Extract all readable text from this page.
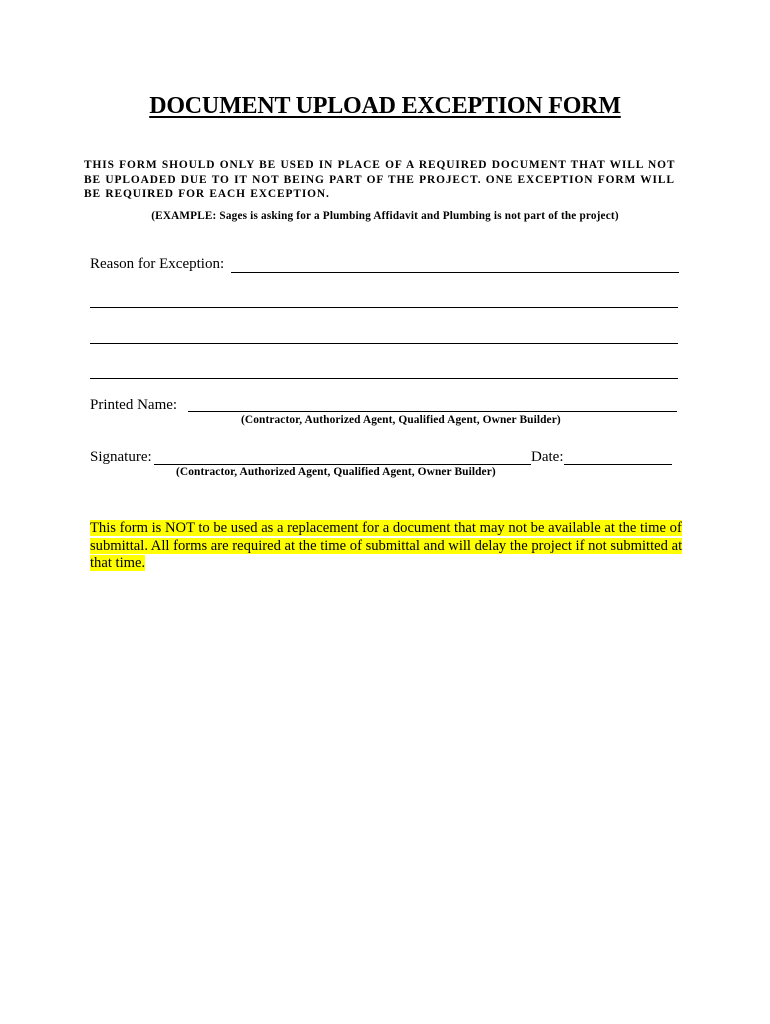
DOCUMENT UPLOAD EXCEPTION FORM
THIS FORM SHOULD ONLY BE USED IN PLACE OF A REQUIRED DOCUMENT THAT WILL NOT BE UPLOADED DUE TO IT NOT BEING PART OF THE PROJECT. ONE EXCEPTION FORM WILL BE REQUIRED FOR EACH EXCEPTION.
(EXAMPLE: Sages is asking for a Plumbing Affidavit and Plumbing is not part of the project)
Reason for Exception:
Printed Name:
(Contractor, Authorized Agent, Qualified Agent, Owner Builder)
Signature:	Date:
(Contractor, Authorized Agent, Qualified Agent, Owner Builder)
This form is NOT to be used as a replacement for a document that may not be available at the time of submittal. All forms are required at the time of submittal and will delay the project if not submitted at that time.
